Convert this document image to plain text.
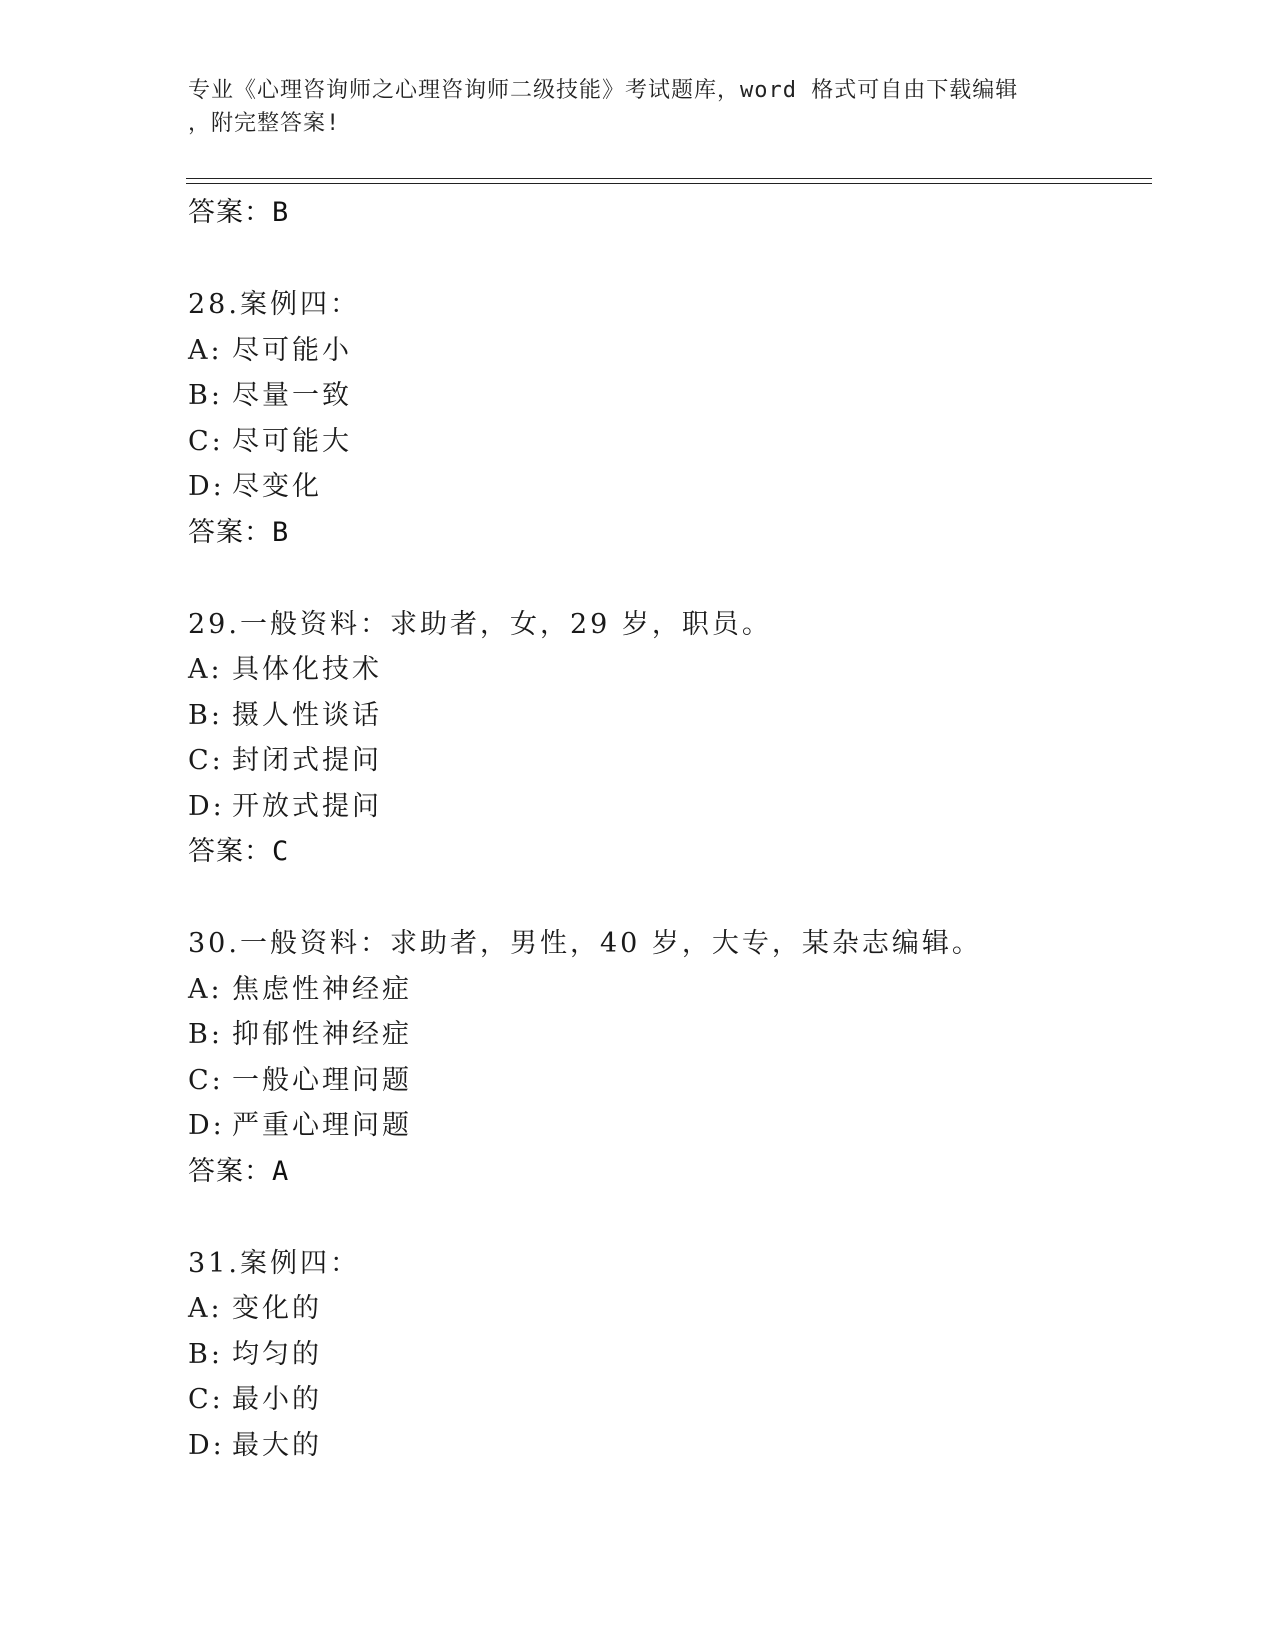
专业《心理咨询师之心理咨询师二级技能》考试题库，word 格式可自由下载编辑
，附完整答案!
答案：B
28.案例四：
A: 尽可能小
B: 尽量一致
C: 尽可能大
D: 尽变化
答案：B
29.一般资料：求助者，女，29 岁，职员。
A: 具体化技术
B: 摄人性谈话
C: 封闭式提问
D: 开放式提问
答案：C
30.一般资料：求助者，男性，40 岁，大专，某杂志编辑。
A: 焦虑性神经症
B: 抑郁性神经症
C: 一般心理问题
D: 严重心理问题
答案：A
31.案例四：
A: 变化的
B: 均匀的
C: 最小的
D: 最大的
